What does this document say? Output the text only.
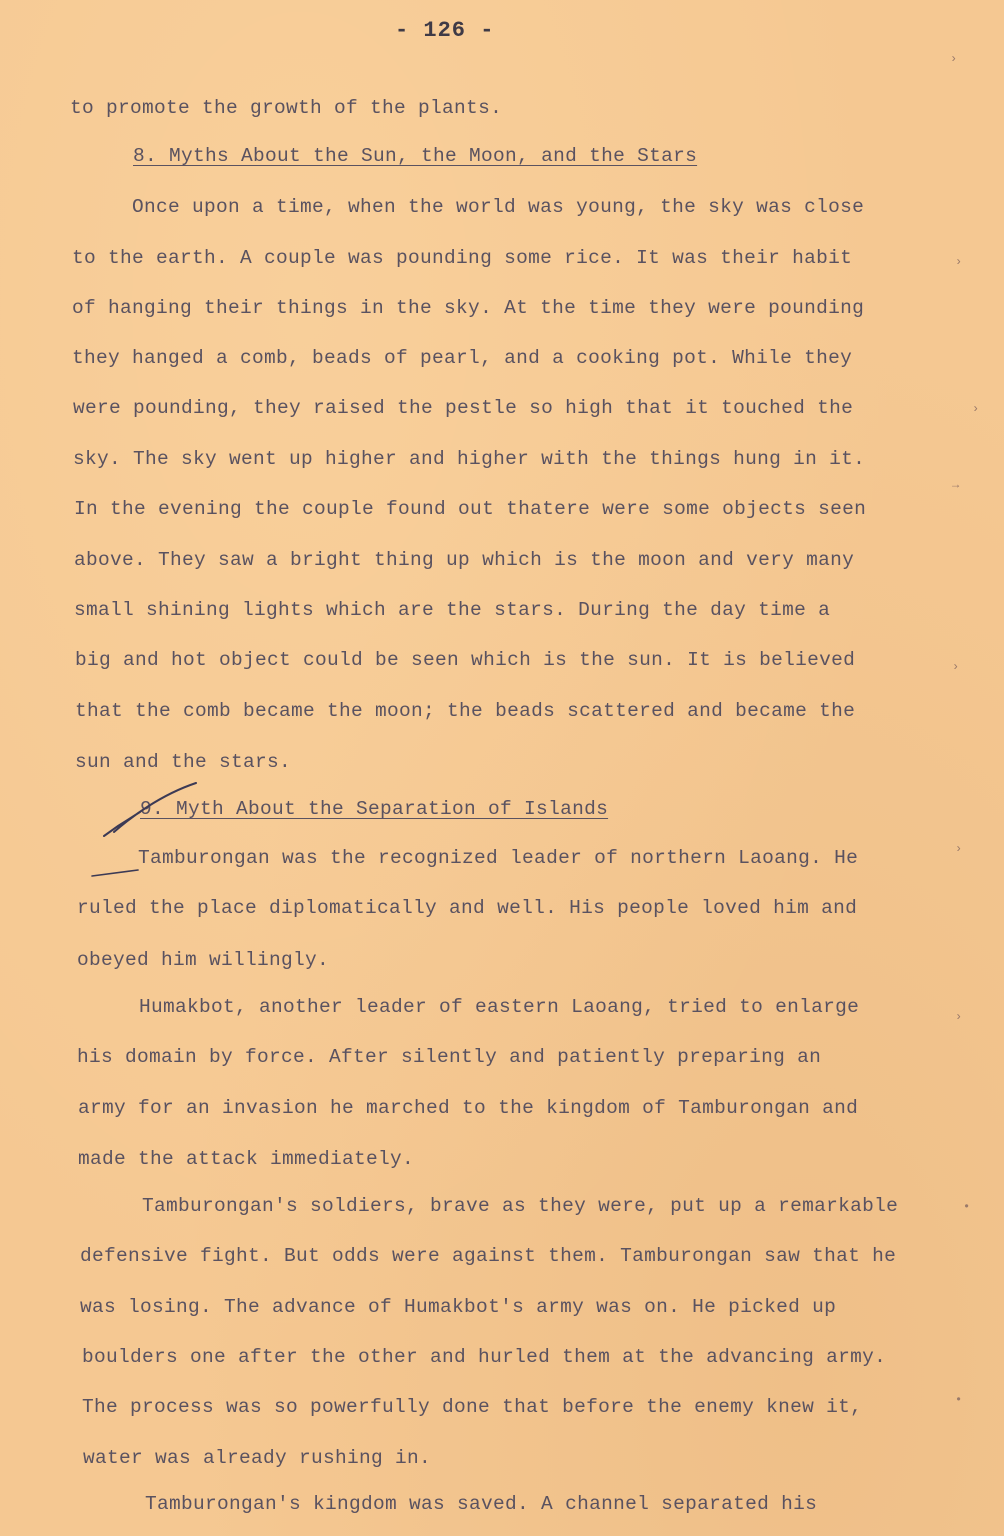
- 126 -
to promote the growth of the plants.
8. Myths About the Sun, the Moon, and the Stars
Once upon a time, when the world was young, the sky was close
to the earth. A couple was pounding some rice. It was their habit
of hanging their things in the sky. At the time they were pounding
they hanged a comb, beads of pearl, and a cooking pot. While they
were pounding, they raised the pestle so high that it touched the
sky. The sky went up higher and higher with the things hung in it.
In the evening the couple found out thatere were some objects seen
above. They saw a bright thing up which is the moon and very many
small shining lights which are the stars. During the day time a
big and hot object could be seen which is the sun. It is believed
that the comb became the moon; the beads scattered and became the
sun and the stars.
9. Myth About the Separation of Islands
Tamburongan was the recognized leader of northern Laoang. He
ruled the place diplomatically and well. His people loved him and
obeyed him willingly.
Humakbot, another leader of eastern Laoang, tried to enlarge
his domain by force. After silently and patiently preparing an
army for an invasion he marched to the kingdom of Tamburongan and
made the attack immediately.
Tamburongan's soldiers, brave as they were, put up a remarkable
defensive fight. But odds were against them. Tamburongan saw that he
was losing. The advance of Humakbot's army was on. He picked up
boulders one after the other and hurled them at the advancing army.
The process was so powerfully done that before the enemy knew it,
water was already rushing in.
Tamburongan's kingdom was saved. A channel separated his
›
›
›
→
›
›
›
•
•
